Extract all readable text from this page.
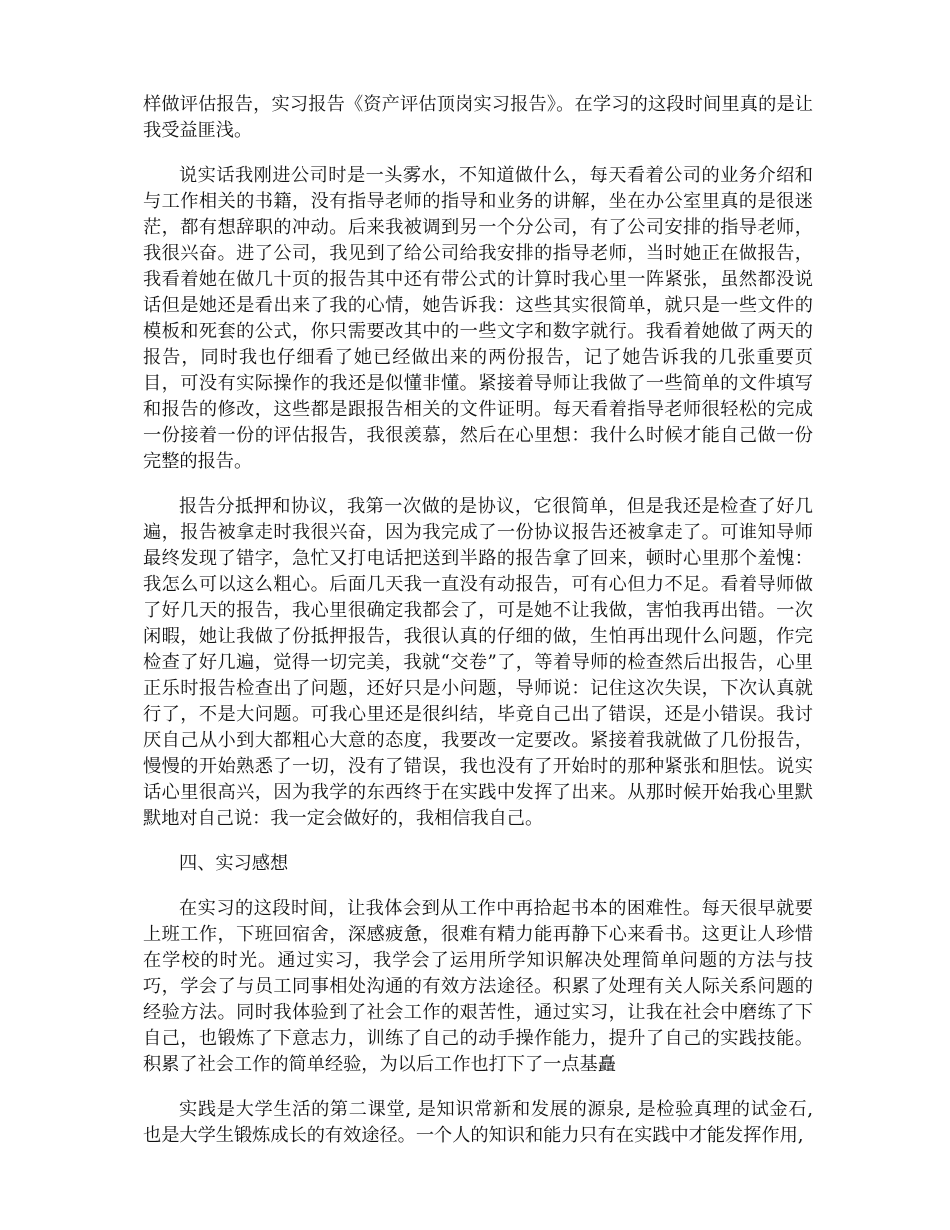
样做评估报告，实习报告《资产评估顶岗实习报告》。在学习的这段时间里真的是让我受益匪浅。

说实话我刚进公司时是一头雾水，不知道做什么，每天看着公司的业务介绍和与工作相关的书籍，没有指导老师的指导和业务的讲解，坐在办公室里真的是很迷茫，都有想辞职的冲动。后来我被调到另一个分公司，有了公司安排的指导老师，我很兴奋。进了公司，我见到了给公司给我安排的指导老师，当时她正在做报告，我看着她在做几十页的报告其中还有带公式的计算时我心里一阵紧张，虽然都没说话但是她还是看出来了我的心情，她告诉我：这些其实很简单，就只是一些文件的模板和死套的公式，你只需要改其中的一些文字和数字就行。我看着她做了两天的报告，同时我也仔细看了她已经做出来的两份报告，记了她告诉我的几张重要页目，可没有实际操作的我还是似懂非懂。紧接着导师让我做了一些简单的文件填写和报告的修改，这些都是跟报告相关的文件证明。每天看着指导老师很轻松的完成一份接着一份的评估报告，我很羡慕，然后在心里想：我什么时候才能自己做一份完整的报告。

报告分抵押和协议，我第一次做的是协议，它很简单，但是我还是检查了好几遍，报告被拿走时我很兴奋，因为我完成了一份协议报告还被拿走了。可谁知导师最终发现了错字，急忙又打电话把送到半路的报告拿了回来，顿时心里那个羞愧：我怎么可以这么粗心。后面几天我一直没有动报告，可有心但力不足。看着导师做了好几天的报告，我心里很确定我都会了，可是她不让我做，害怕我再出错。一次闲暇，她让我做了份抵押报告，我很认真的仔细的做，生怕再出现什么问题，作完检查了好几遍，觉得一切完美，我就“交卷”了，等着导师的检查然后出报告，心里正乐时报告检查出了问题，还好只是小问题，导师说：记住这次失误，下次认真就行了，不是大问题。可我心里还是很纠结，毕竟自己出了错误，还是小错误。我讨厌自己从小到大都粗心大意的态度，我要改一定要改。紧接着我就做了几份报告，慢慢的开始熟悉了一切，没有了错误，我也没有了开始时的那种紧张和胆怯。说实话心里很高兴，因为我学的东西终于在实践中发挥了出来。从那时候开始我心里默默地对自己说：我一定会做好的，我相信我自己。

四、实习感想

在实习的这段时间，让我体会到从工作中再拾起书本的困难性。每天很早就要上班工作，下班回宿舍，深感疲惫，很难有精力能再静下心来看书。这更让人珍惜在学校的时光。通过实习，我学会了运用所学知识解决处理简单问题的方法与技巧，学会了与员工同事相处沟通的有效方法途径。积累了处理有关人际关系问题的经验方法。同时我体验到了社会工作的艰苦性，通过实习，让我在社会中磨练了下自己，也锻炼了下意志力，训练了自己的动手操作能力，提升了自己的实践技能。积累了社会工作的简单经验，为以后工作也打下了一点基矗

实践是大学生活的第二课堂, 是知识常新和发展的源泉, 是检验真理的试金石, 也是大学生锻炼成长的有效途径。一个人的知识和能力只有在实践中才能发挥作用,
